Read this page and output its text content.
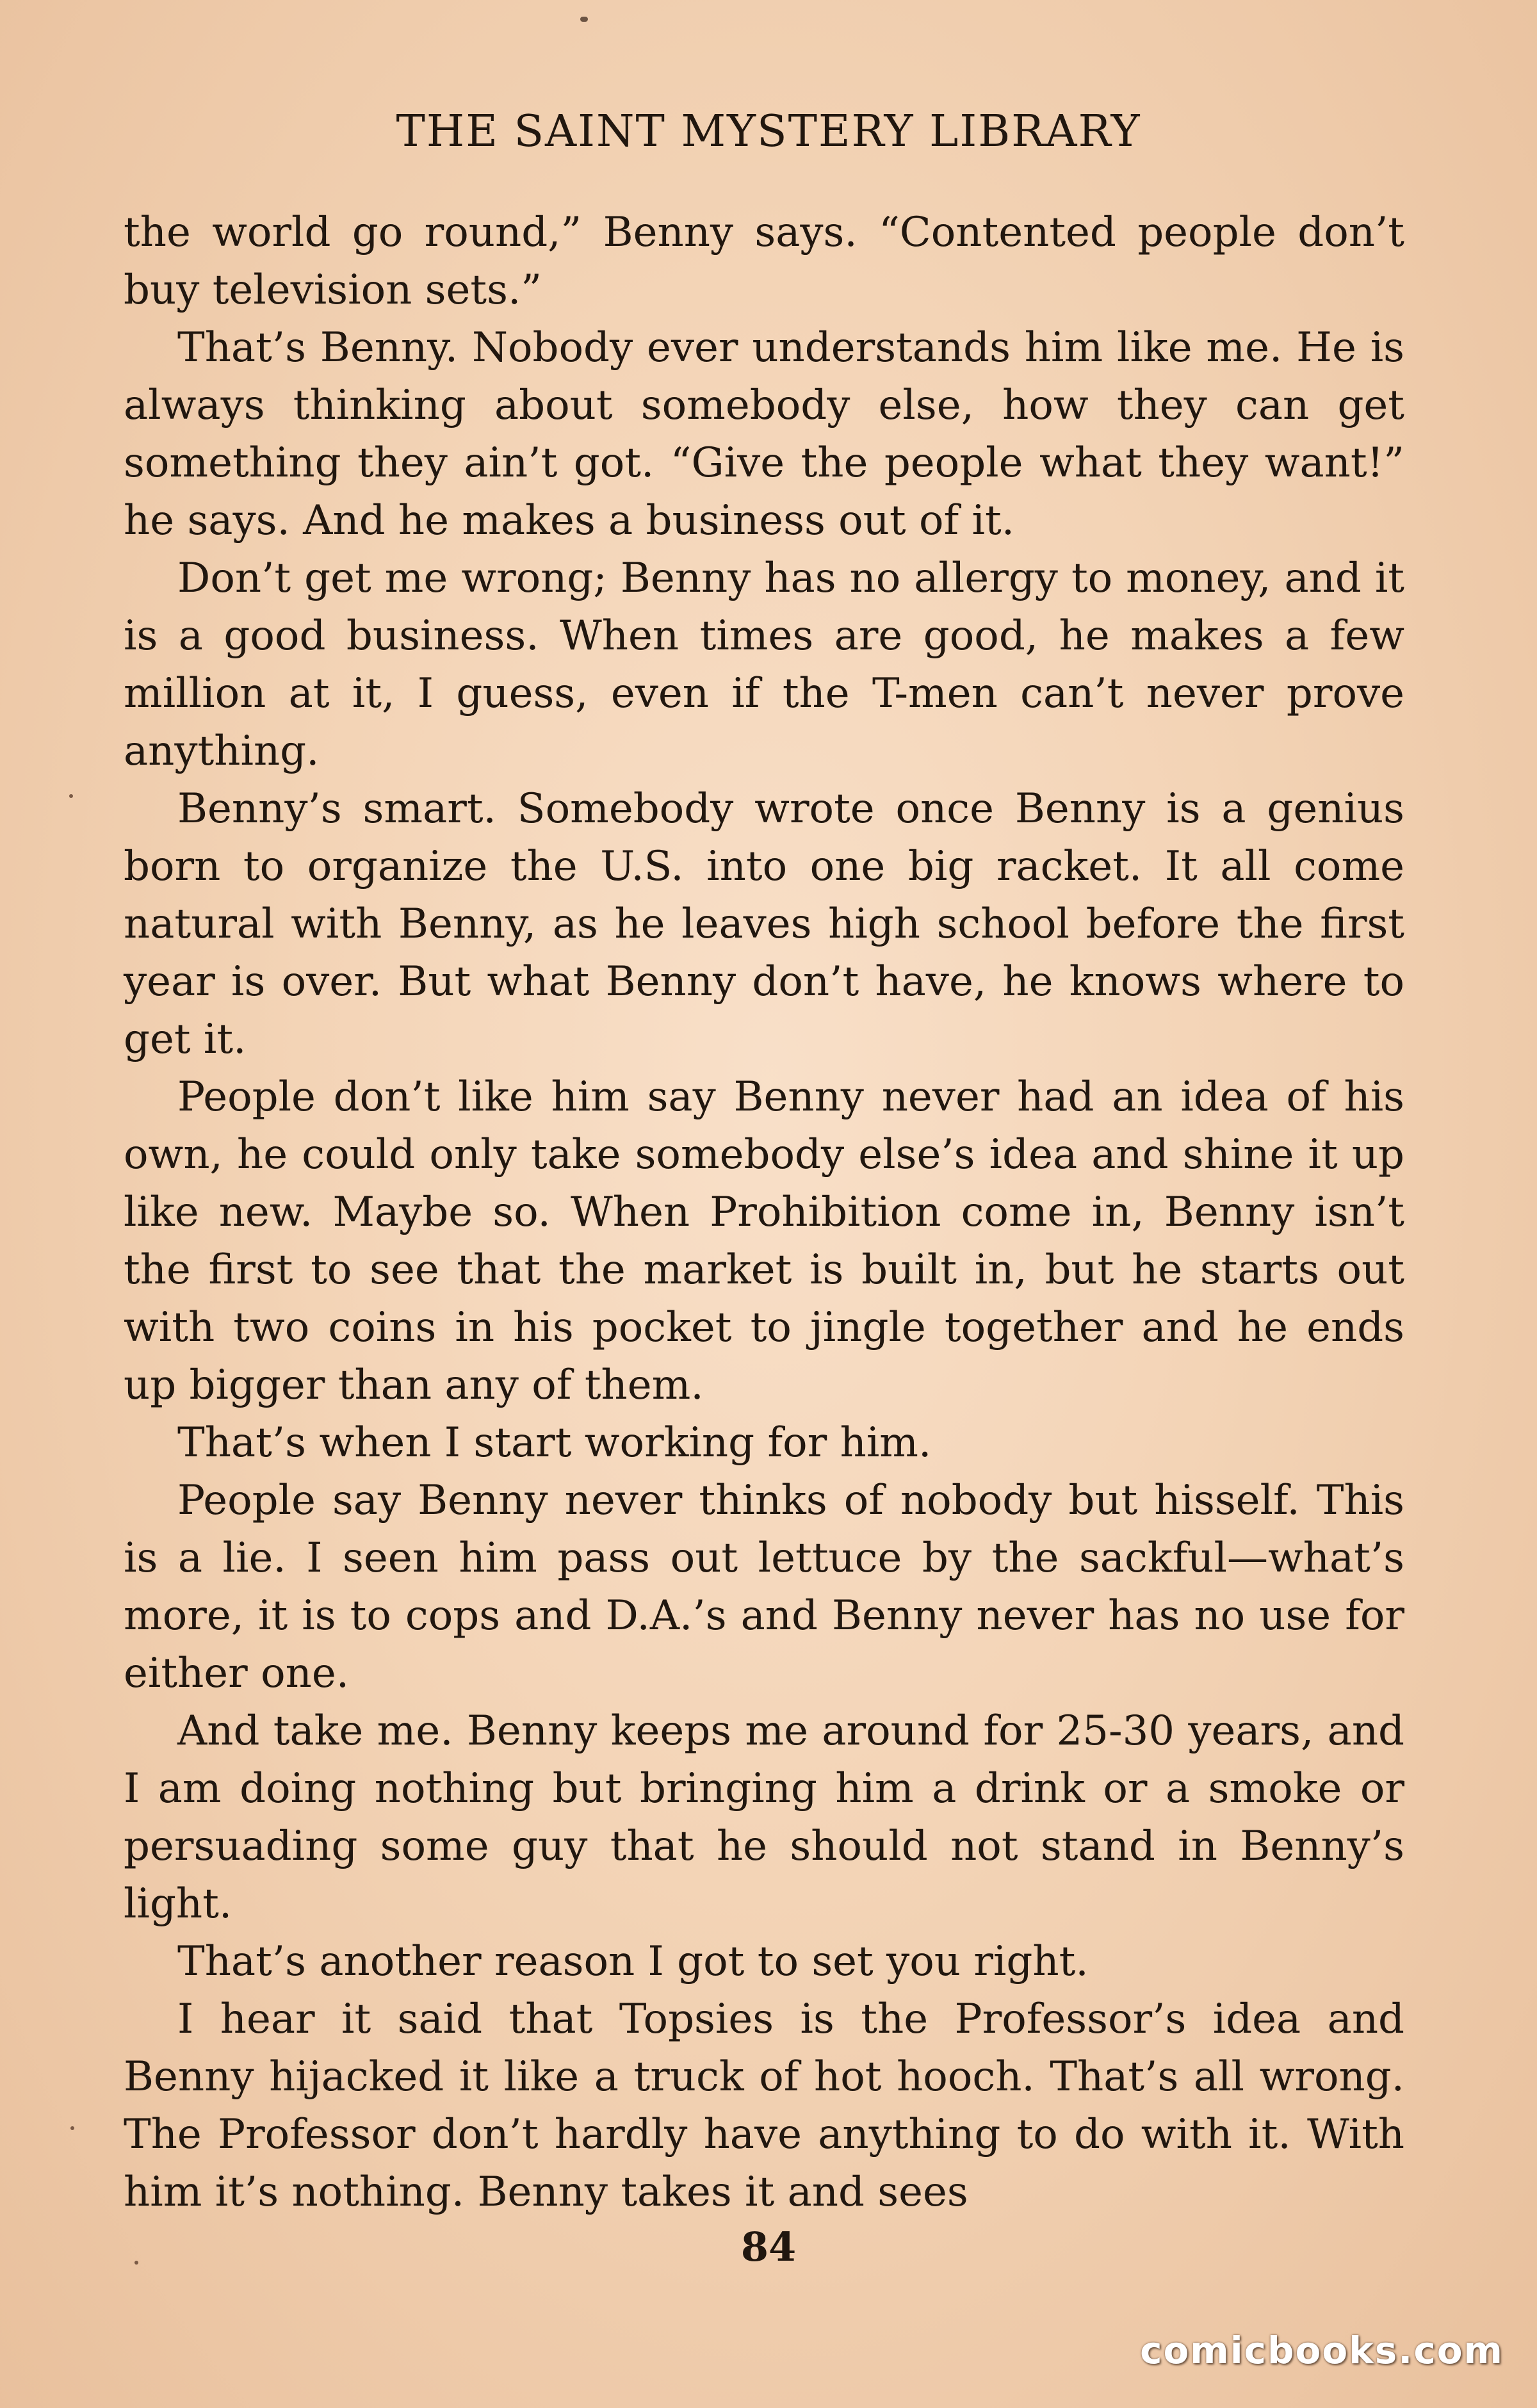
THE SAINT MYSTERY LIBRARY

the world go round,” Benny says. “Contented people don’t buy television sets.”

That’s Benny. Nobody ever understands him like me. He is always thinking about somebody else, how they can get something they ain’t got. “Give the people what they want!” he says. And he makes a business out of it.

Don’t get me wrong; Benny has no allergy to money, and it is a good business. When times are good, he makes a few million at it, I guess, even if the T-men can’t never prove anything.

Benny’s smart. Somebody wrote once Benny is a genius born to organize the U.S. into one big racket. It all come natural with Benny, as he leaves high school before the first year is over. But what Benny don’t have, he knows where to get it.

People don’t like him say Benny never had an idea of his own, he could only take somebody else’s idea and shine it up like new. Maybe so. When Prohibition come in, Benny isn’t the first to see that the market is built in, but he starts out with two coins in his pocket to jingle together and he ends up bigger than any of them.

That’s when I start working for him.

People say Benny never thinks of nobody but hisself. This is a lie. I seen him pass out lettuce by the sackful—what’s more, it is to cops and D.A.’s and Benny never has no use for either one.

And take me. Benny keeps me around for 25-30 years, and I am doing nothing but bringing him a drink or a smoke or persuading some guy that he should not stand in Benny’s light.

That’s another reason I got to set you right.

I hear it said that Topsies is the Professor’s idea and Benny hijacked it like a truck of hot hooch. That’s all wrong. The Professor don’t hardly have anything to do with it. With him it’s nothing. Benny takes it and sees

84
comicbooks.com
